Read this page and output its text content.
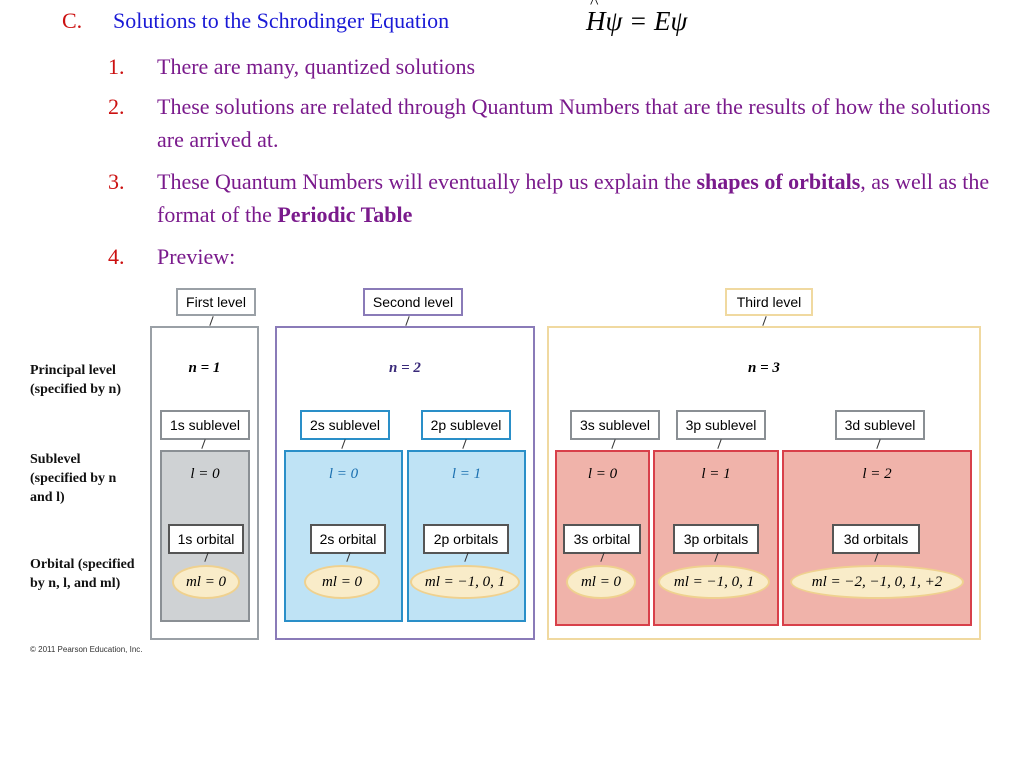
C. Solutions to the Schrodinger Equation
^	Hψ = Eψ
1. There are many, quantized solutions
2. These solutions are related through Quantum Numbers that are the results of how the solutions are arrived at.
3. These Quantum Numbers will eventually help us explain the shapes of orbitals, as well as the format of the Periodic Table
4. Preview:
Principal level (specified by n)
Sublevel (specified by n and l)
Orbital (specified by n, l, and ml)
First level	Second level	Third level
n = 1	n = 2	n = 3
1s sublevel	2s sublevel	2p sublevel	3s sublevel	3p sublevel	3d sublevel
l = 0	l = 0	l = 1	l = 0	l = 1	l = 2
1s orbital	2s orbital	2p orbitals	3s orbital	3p orbitals	3d orbitals
ml = 0	ml = 0	ml = −1, 0, 1	ml = 0	ml = −1, 0, 1	ml = −2, −1, 0, 1, +2
© 2011 Pearson Education, Inc.
